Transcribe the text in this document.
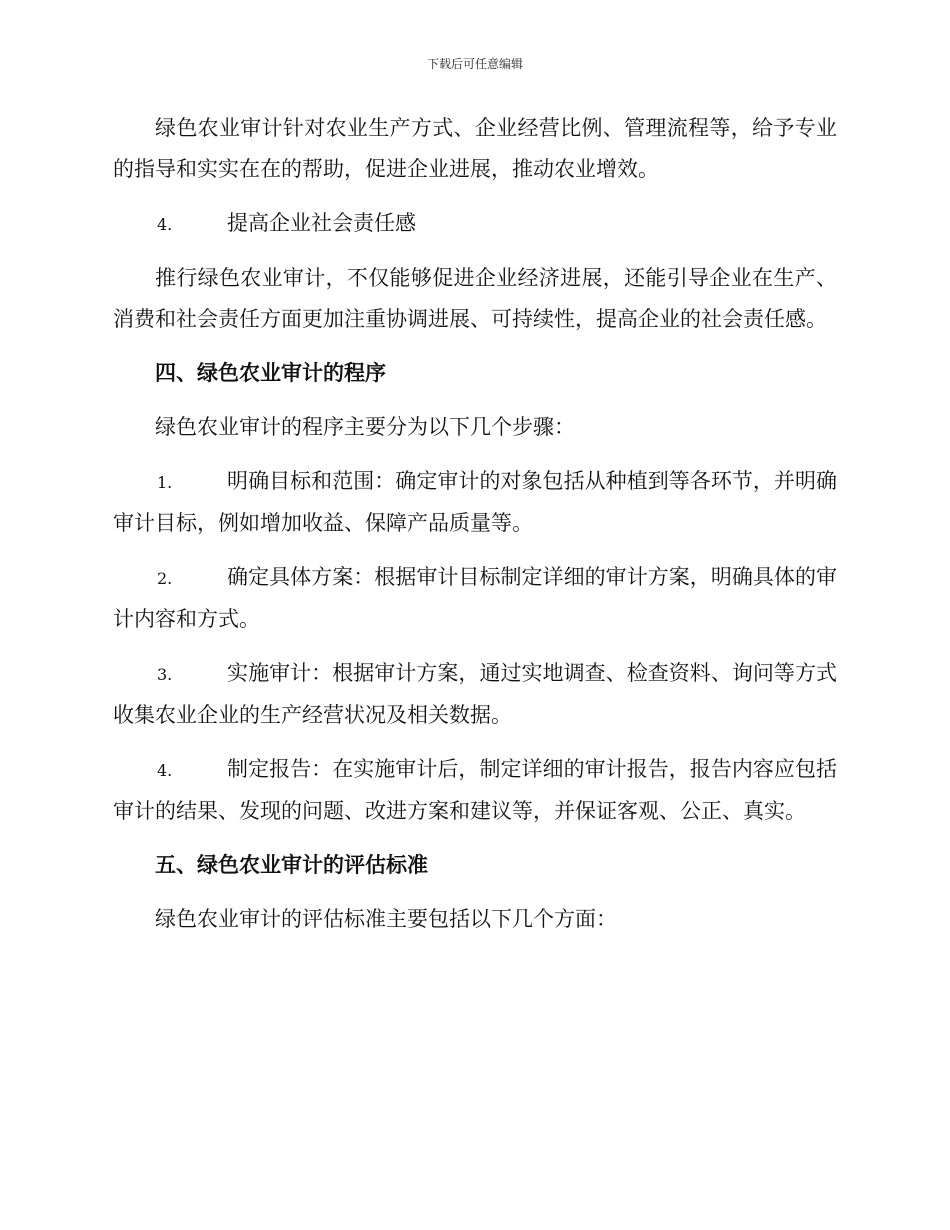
下载后可任意编辑

绿色农业审计针对农业生产方式、企业经营比例、管理流程等，给予专业的指导和实实在在的帮助，促进企业进展，推动农业增效。

4.	提高企业社会责任感

推行绿色农业审计，不仅能够促进企业经济进展，还能引导企业在生产、消费和社会责任方面更加注重协调进展、可持续性，提高企业的社会责任感。

四、绿色农业审计的程序

绿色农业审计的程序主要分为以下几个步骤：

1.	明确目标和范围：确定审计的对象包括从种植到等各环节，并明确审计目标，例如增加收益、保障产品质量等。

2.	确定具体方案：根据审计目标制定详细的审计方案，明确具体的审计内容和方式。

3.	实施审计：根据审计方案，通过实地调查、检查资料、询问等方式收集农业企业的生产经营状况及相关数据。

4.	制定报告：在实施审计后，制定详细的审计报告，报告内容应包括审计的结果、发现的问题、改进方案和建议等，并保证客观、公正、真实。

五、绿色农业审计的评估标准

绿色农业审计的评估标准主要包括以下几个方面：
